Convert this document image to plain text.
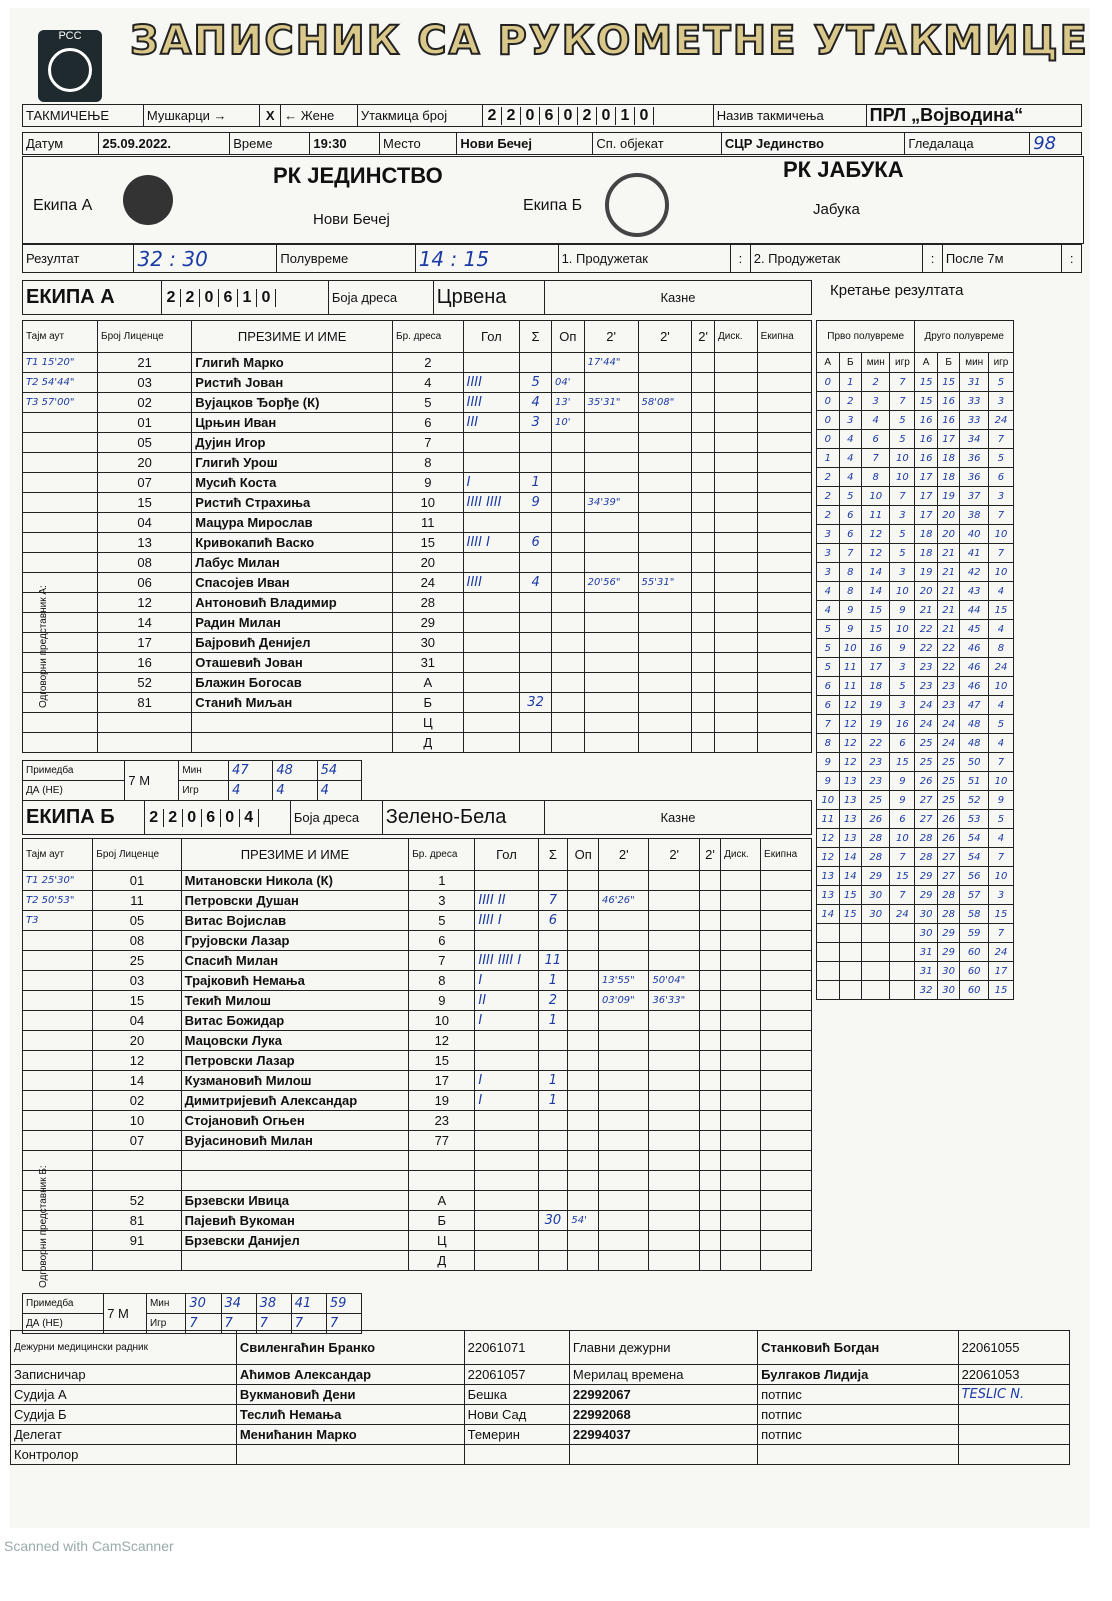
РСС	ЗАПИСНИК СА РУКОМЕТНЕ УТАКМИЦЕ
ТАКМИЧЕЊЕ	Мушкарци →	X	← Жене	Утакмица број	2 2 0 6 0 2 0 1 0	Назив такмичења	ПРЛ „Војводина“
Датум	25.09.2022.	Време	19:30	Место	Нови Бечеј	Сп. објекат	СЦР Јединство	Гледалаца	98
Екипа А
РК ЈЕДИНСТВО
Нови Бечеј
Екипа Б
РК ЈАБУКА
Јабука
Резултат	32 : 30	Полувреме	14 : 15	1. Продужетак	:	2. Продужетак	:	После 7м	:
ЕКИПА А	2 2 0 6 1 0	Боја дреса	Црвена	Казне	Кретање резултата
Тајм аут	Број Лиценце	ПРЕЗИМЕ И ИМЕ	Бр. дреса	Гол	Σ	Оп	2'	2'	2'	Диск.	Екипна
T1 15'20"	21	Глигић Марко	2				17'44"				
T2 54'44"	03	Ристић Јован	4	IIII	5	04'					
T3 57'00"	02	Вујацков Ђорђе (К)	5	IIII	4	13'	35'31"	58'08"			
	01	Црњин Иван	6	III	3	10'					
	05	Дујин Игор	7								
	20	Глигић Урош	8								
	07	Мусић Коста	9	I	1						
	15	Ристић Страхиња	10	IIII IIII	9		34'39"				
	04	Мацура Мирослав	11								
	13	Кривокапић Васко	15	IIII I	6						
	08	Лабус Милан	20								
	06	Спасојев Иван	24	IIII	4		20'56"	55'31"			
	12	Антоновић Владимир	28								
	14	Радин Милан	29								
	17	Бајровић Денијел	30								
	16	Оташевић Јован	31								
	52	Блажин Богосав	А								
	81	Станић Миљан	Б		32						
			Ц								
			Д								
Примедба	7 М	Мин	47	48	54
ДА (НЕ)		Игр	4	4	4
Одговорни представник А:
ЕКИПА Б	2 2 0 6 0 4	Боја дреса	Зелено-Бела	Казне
Тајм аут	Број Лиценце	ПРЕЗИМЕ И ИМЕ	Бр. дреса	Гол	Σ	Оп	2'	2'	2'	Диск.	Екипна
T1 25'30"	01	Митановски Никола (К)	1								
T2 50'53"	11	Петровски Душан	3	IIII II	7		46'26"				
T3	05	Витас Војислав	5	IIII I	6						
	08	Грујовски Лазар	6								
	25	Спасић Милан	7	IIII IIII I	11						
	03	Трајковић Немања	8	I	1		13'55"	50'04"			
	15	Текић Милош	9	II	2		03'09"	36'33"			
	04	Витас Божидар	10	I	1						
	20	Мацовски Лука	12								
	12	Петровски Лазар	15								
	14	Кузмановић Милош	17	I	1						
	02	Димитријевић Александар	19	I	1						
	10	Стојановић Огњен	23								
	07	Вујасиновић Милан	77								

	52	Брзевски Ивица	А								
	81	Пајевић Вукоман	Б		30	54'					
	91	Брзевски Данијел	Ц								
			Д								
Примедба	7 М	Мин	30	34	38	41	59
ДА (НЕ)		Игр	7	7	7	7	7
Одговорни представник Б:
Прво полувреме				Друго полувреме			
А	Б	мин	игр	А	Б	мин	игр
0	1	2	7	15	15	31	5
0	2	3	7	15	16	33	3
0	3	4	5	16	16	33	24
0	4	6	5	16	17	34	7
1	4	7	10	16	18	36	5
2	4	8	10	17	18	36	6
2	5	10	7	17	19	37	3
2	6	11	3	17	20	38	7
3	6	12	5	18	20	40	10
3	7	12	5	18	21	41	7
3	8	14	3	19	21	42	10
4	8	14	10	20	21	43	4
4	9	15	9	21	21	44	15
5	9	15	10	22	21	45	4
5	10	16	9	22	22	46	8
5	11	17	3	23	22	46	24
6	11	18	5	23	23	46	10
6	12	19	3	24	23	47	4
7	12	19	16	24	24	48	5
8	12	22	6	25	24	48	4
9	12	23	15	25	25	50	7
9	13	23	9	26	25	51	10
10	13	25	9	27	25	52	9
11	13	26	6	27	26	53	5
12	13	28	10	28	26	54	4
12	14	28	7	28	27	54	7
13	14	29	15	29	27	56	10
13	15	30	7	29	28	57	3
14	15	30	24	30	28	58	15
				30	29	59	7
				31	29	60	24
				31	30	60	17
				32	30	60	15
Дежурни медицински радник	Свиленгаћин Бранко	22061071	Главни дежурни	Станковић Богдан	22061055
Записничар	Аћимов Александар	22061057	Мерилац времена	Булгаков Лидија	22061053
Судија А	Вукмановић Дени	Бешка	22992067	потпис	TESLIC N.
Судија Б	Теслић Немања	Нови Сад	22992068	потпис	
Делегат	Менићанин Марко	Темерин	22994037	потпис	
Контролор					
Scanned with CamScanner
